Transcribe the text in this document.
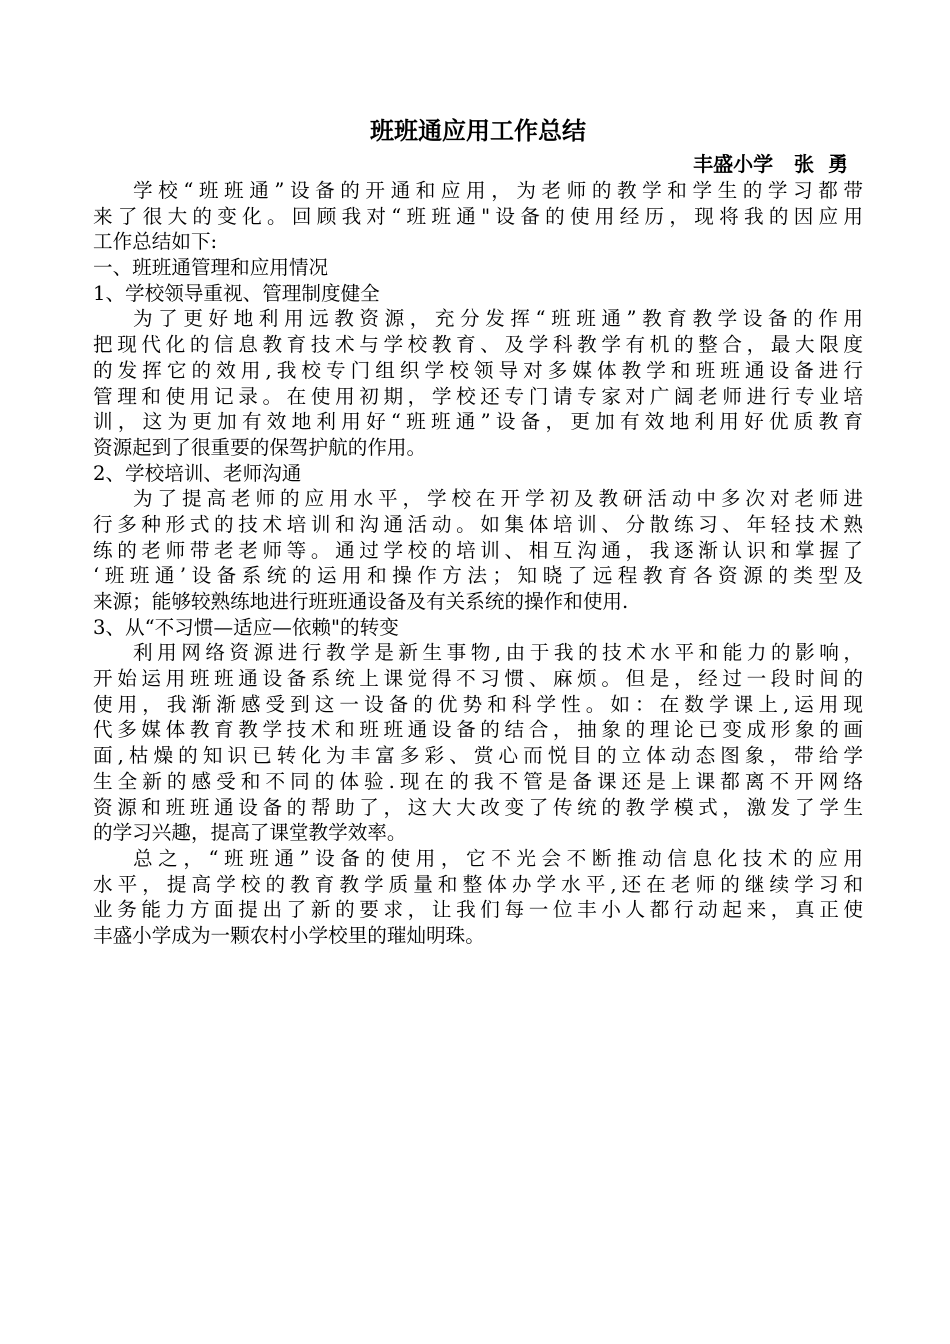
班班通应用工作总结

丰盛小学   张  勇

学校“班班通”设备的开通和应用，为老师的教学和学生的学习都带

来了很大的变化。回顾我对“班班通"设备的使用经历，现将我的因应用

工作总结如下:

一、班班通管理和应用情况

1、学校领导重视、管理制度健全

为了更好地利用远教资源，充分发挥“班班通”教育教学设备的作用

把现代化的信息教育技术与学校教育、及学科教学有机的整合，最大限度

的发挥它的效用,我校专门组织学校领导对多媒体教学和班班通设备进行

管理和使用记录。在使用初期，学校还专门请专家对广阔老师进行专业培

训，这为更加有效地利用好“班班通”设备，更加有效地利用好优质教育

资源起到了很重要的保驾护航的作用。

2、学校培训、老师沟通

为了提高老师的应用水平，学校在开学初及教研活动中多次对老师进

行多种形式的技术培训和沟通活动。如集体培训、分散练习、年轻技术熟

练的老师带老老师等。通过学校的培训、相互沟通，我逐渐认识和掌握了

‘班班通’设备系统的运用和操作方法；知晓了远程教育各资源的类型及

来源；能够较熟练地进行班班通设备及有关系统的操作和使用.

3、从“不习惯—适应—依赖"的转变

利用网络资源进行教学是新生事物,由于我的技术水平和能力的影响，

开始运用班班通设备系统上课觉得不习惯、麻烦。但是，经过一段时间的

使用，我渐渐感受到这一设备的优势和科学性。如：在数学课上,运用现

代多媒体教育教学技术和班班通设备的结合，抽象的理论已变成形象的画

面,枯燥的知识已转化为丰富多彩、赏心而悦目的立体动态图象，带给学

生全新的感受和不同的体验.现在的我不管是备课还是上课都离不开网络

资源和班班通设备的帮助了，这大大改变了传统的教学模式，激发了学生

的学习兴趣，提高了课堂教学效率。

总之，“班班通”设备的使用，它不光会不断推动信息化技术的应用

水平，提高学校的教育教学质量和整体办学水平,还在老师的继续学习和

业务能力方面提出了新的要求，让我们每一位丰小人都行动起来，真正使

丰盛小学成为一颗农村小学校里的璀灿明珠。
